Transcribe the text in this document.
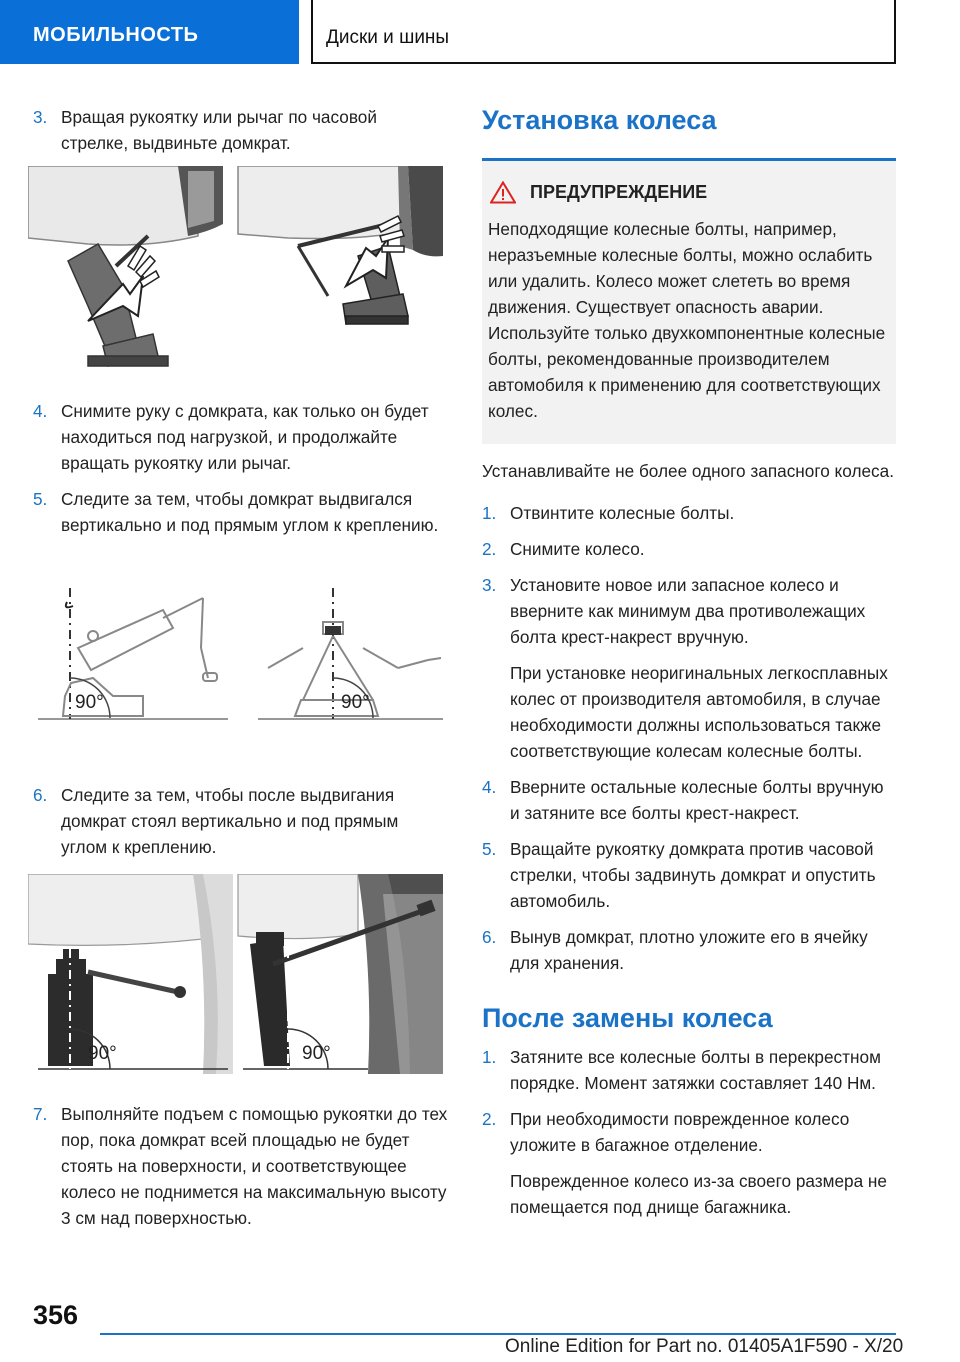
МОБИЛЬНОСТЬ	Диски и шины
3. Вращая рукоятку или рычаг по часовой стрелке, выдвиньте домкрат.
4. Снимите руку с домкрата, как только он будет находиться под нагрузкой, и продолжайте вращать рукоятку или рычаг.
5. Следите за тем, чтобы домкрат выдвигался вертикально и под прямым углом к креплению.
90°	90°
6. Следите за тем, чтобы после выдвигания домкрат стоял вертикально и под прямым углом к креплению.
90°	90°
7. Выполняйте подъем с помощью рукоятки до тех пор, пока домкрат всей площадью не будет стоять на поверхности, и соответствующее колесо не поднимется на максимальную высоту 3 см над поверхностью.
Установка колеса
ПРЕДУПРЕЖДЕНИЕ
Неподходящие колесные болты, например, неразъемные колесные болты, можно ослабить или удалить. Колесо может слететь во время движения. Существует опасность аварии. Используйте только двухкомпонентные колесные болты, рекомендованные производителем автомобиля к применению для соответствующих колес.
Устанавливайте не более одного запасного колеса.
1. Отвинтите колесные болты.
2. Снимите колесо.
3. Установите новое или запасное колесо и вверните как минимум два противолежащих болта крест-накрест вручную.
При установке неоригинальных легкосплавных колес от производителя автомобиля, в случае необходимости должны использоваться также соответствующие колесам колесные болты.
4. Вверните остальные колесные болты вручную и затяните все болты крест-накрест.
5. Вращайте рукоятку домкрата против часовой стрелки, чтобы задвинуть домкрат и опустить автомобиль.
6. Вынув домкрат, плотно уложите его в ячейку для хранения.
После замены колеса
1. Затяните все колесные болты в перекрестном порядке. Момент затяжки составляет 140 Нм.
2. При необходимости поврежденное колесо уложите в багажное отделение.
Поврежденное колесо из-за своего размера не помещается под днище багажника.
356
Online Edition for Part no. 01405A1F590 - X/20
